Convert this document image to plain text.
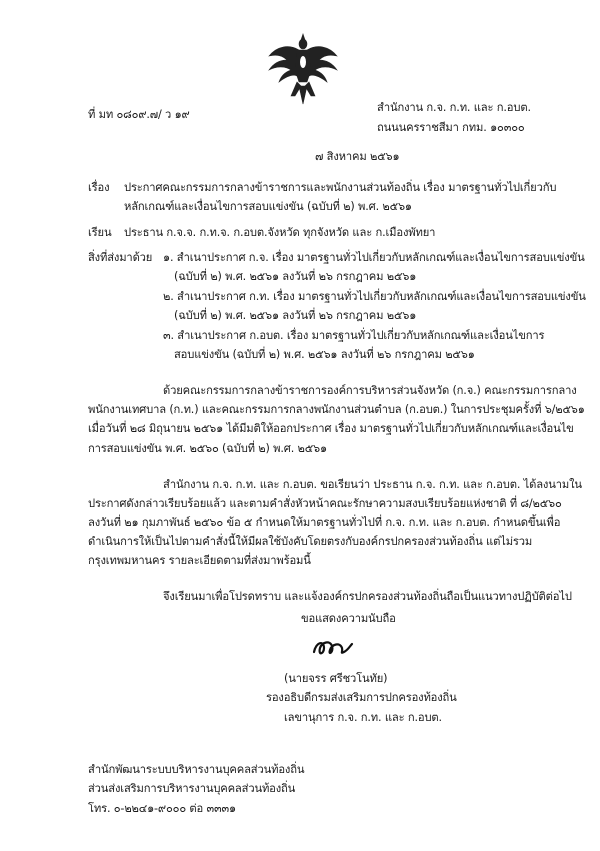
ที่ มท ๐๘๐๙.๗/ ว ๑๙
สำนักงาน ก.จ. ก.ท. และ ก.อบต.
ถนนนครราชสีมา กทม. ๑๐๓๐๐
๗ สิงหาคม ๒๕๖๑
เรื่อง ประกาศคณะกรรมการกลางข้าราชการและพนักงานส่วนท้องถิ่น เรื่อง มาตรฐานทั่วไปเกี่ยวกับ
หลักเกณฑ์และเงื่อนไขการสอบแข่งขัน (ฉบับที่ ๒) พ.ศ. ๒๕๖๑
เรียน ประธาน ก.จ.จ. ก.ท.จ. ก.อบต.จังหวัด ทุกจังหวัด และ ก.เมืองพัทยา
สิ่งที่ส่งมาด้วย ๑. สำเนาประกาศ ก.จ. เรื่อง มาตรฐานทั่วไปเกี่ยวกับหลักเกณฑ์และเงื่อนไขการสอบแข่งขัน
(ฉบับที่ ๒) พ.ศ. ๒๕๖๑ ลงวันที่ ๒๖ กรกฎาคม ๒๕๖๑
๒. สำเนาประกาศ ก.ท. เรื่อง มาตรฐานทั่วไปเกี่ยวกับหลักเกณฑ์และเงื่อนไขการสอบแข่งขัน
(ฉบับที่ ๒) พ.ศ. ๒๕๖๑ ลงวันที่ ๒๖ กรกฎาคม ๒๕๖๑
๓. สำเนาประกาศ ก.อบต. เรื่อง มาตรฐานทั่วไปเกี่ยวกับหลักเกณฑ์และเงื่อนไขการ
สอบแข่งขัน (ฉบับที่ ๒) พ.ศ. ๒๕๖๑ ลงวันที่ ๒๖ กรกฎาคม ๒๕๖๑
ด้วยคณะกรรมการกลางข้าราชการองค์การบริหารส่วนจังหวัด (ก.จ.) คณะกรรมการกลาง
พนักงานเทศบาล (ก.ท.) และคณะกรรมการกลางพนักงานส่วนตำบล (ก.อบต.) ในการประชุมครั้งที่ ๖/๒๕๖๑
เมื่อวันที่ ๒๘ มิถุนายน ๒๕๖๑ ได้มีมติให้ออกประกาศ เรื่อง มาตรฐานทั่วไปเกี่ยวกับหลักเกณฑ์และเงื่อนไข
การสอบแข่งขัน พ.ศ. ๒๕๖๐ (ฉบับที่ ๒) พ.ศ. ๒๕๖๑
สำนักงาน ก.จ. ก.ท. และ ก.อบต. ขอเรียนว่า ประธาน ก.จ. ก.ท. และ ก.อบต. ได้ลงนามใน
ประกาศดังกล่าวเรียบร้อยแล้ว และตามคำสั่งหัวหน้าคณะรักษาความสงบเรียบร้อยแห่งชาติ ที่ ๘/๒๕๖๐
ลงวันที่ ๒๑ กุมภาพันธ์ ๒๕๖๐ ข้อ ๕ กำหนดให้มาตรฐานทั่วไปที่ ก.จ. ก.ท. และ ก.อบต. กำหนดขึ้นเพื่อ
ดำเนินการให้เป็นไปตามคำสั่งนี้ให้มีผลใช้บังคับโดยตรงกับองค์กรปกครองส่วนท้องถิ่น แต่ไม่รวม
กรุงเทพมหานคร รายละเอียดตามที่ส่งมาพร้อมนี้
จึงเรียนมาเพื่อโปรดทราบ และแจ้งองค์กรปกครองส่วนท้องถิ่นถือเป็นแนวทางปฏิบัติต่อไป
ขอแสดงความนับถือ
(นายจรร ศรีชวโนทัย)
รองอธิบดีกรมส่งเสริมการปกครองท้องถิ่น
เลขานุการ ก.จ. ก.ท. และ ก.อบต.
สำนักพัฒนาระบบบริหารงานบุคคลส่วนท้องถิ่น
ส่วนส่งเสริมการบริหารงานบุคคลส่วนท้องถิ่น
โทร. ๐-๒๒๔๑-๙๐๐๐ ต่อ ๓๓๓๑
